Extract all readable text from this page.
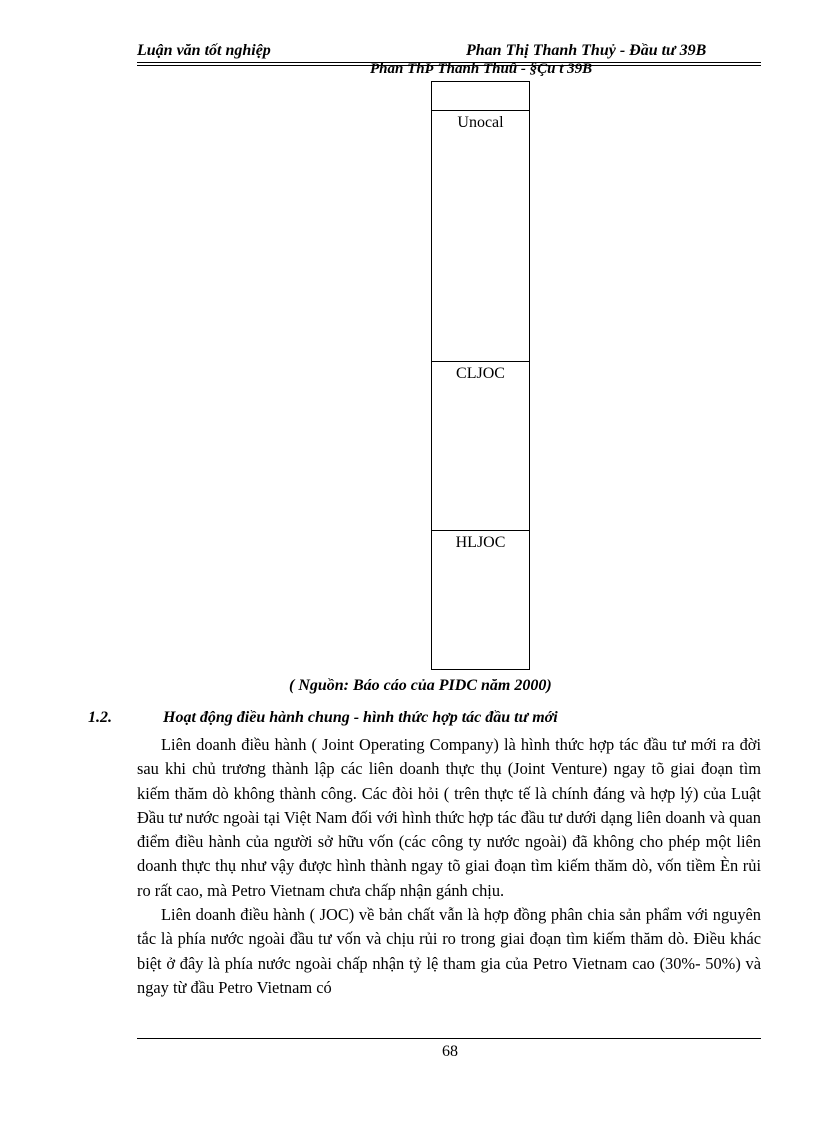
Luận văn tốt nghiệp	Phan Thị Thanh Thuỷ - Đầu tư 39B
Phan ThÞ Thanh Thuû - §Çu t 39B
Unocal
CLJOC
HLJOC
( Nguồn: Báo cáo của PIDC năm 2000)
1.2.	Hoạt động điều hành chung - hình thức hợp tác đầu tư mới

Liên doanh điều hành ( Joint Operating Company) là hình thức hợp tác đầu tư mới ra đời sau khi chủ trương thành lập các liên doanh thực thụ (Joint Venture) ngay tõ giai đoạn tìm kiếm thăm dò không thành công. Các đòi hỏi ( trên thực tế là chính đáng và hợp lý) của Luật Đầu tư nước ngoài tại Việt Nam đối với hình thức hợp tác đầu tư dưới dạng liên doanh và quan điểm điều hành của người sở hữu vốn (các công ty nước ngoài) đã không cho phép một liên doanh thực thụ như vậy được hình thành ngay tõ giai đoạn tìm kiếm thăm dò, vốn tiềm Èn rủi ro rất cao, mà Petro Vietnam chưa chấp nhận gánh chịu.

Liên doanh điều hành ( JOC) về bản chất vẫn là hợp đồng phân chia sản phẩm với nguyên tắc là phía nước ngoài đầu tư vốn và chịu rủi ro trong giai đoạn tìm kiếm thăm dò. Điều khác biệt ở đây là phía nước ngoài chấp nhận tỷ lệ tham gia của Petro Vietnam cao (30%- 50%) và ngay từ đầu Petro Vietnam có

68
